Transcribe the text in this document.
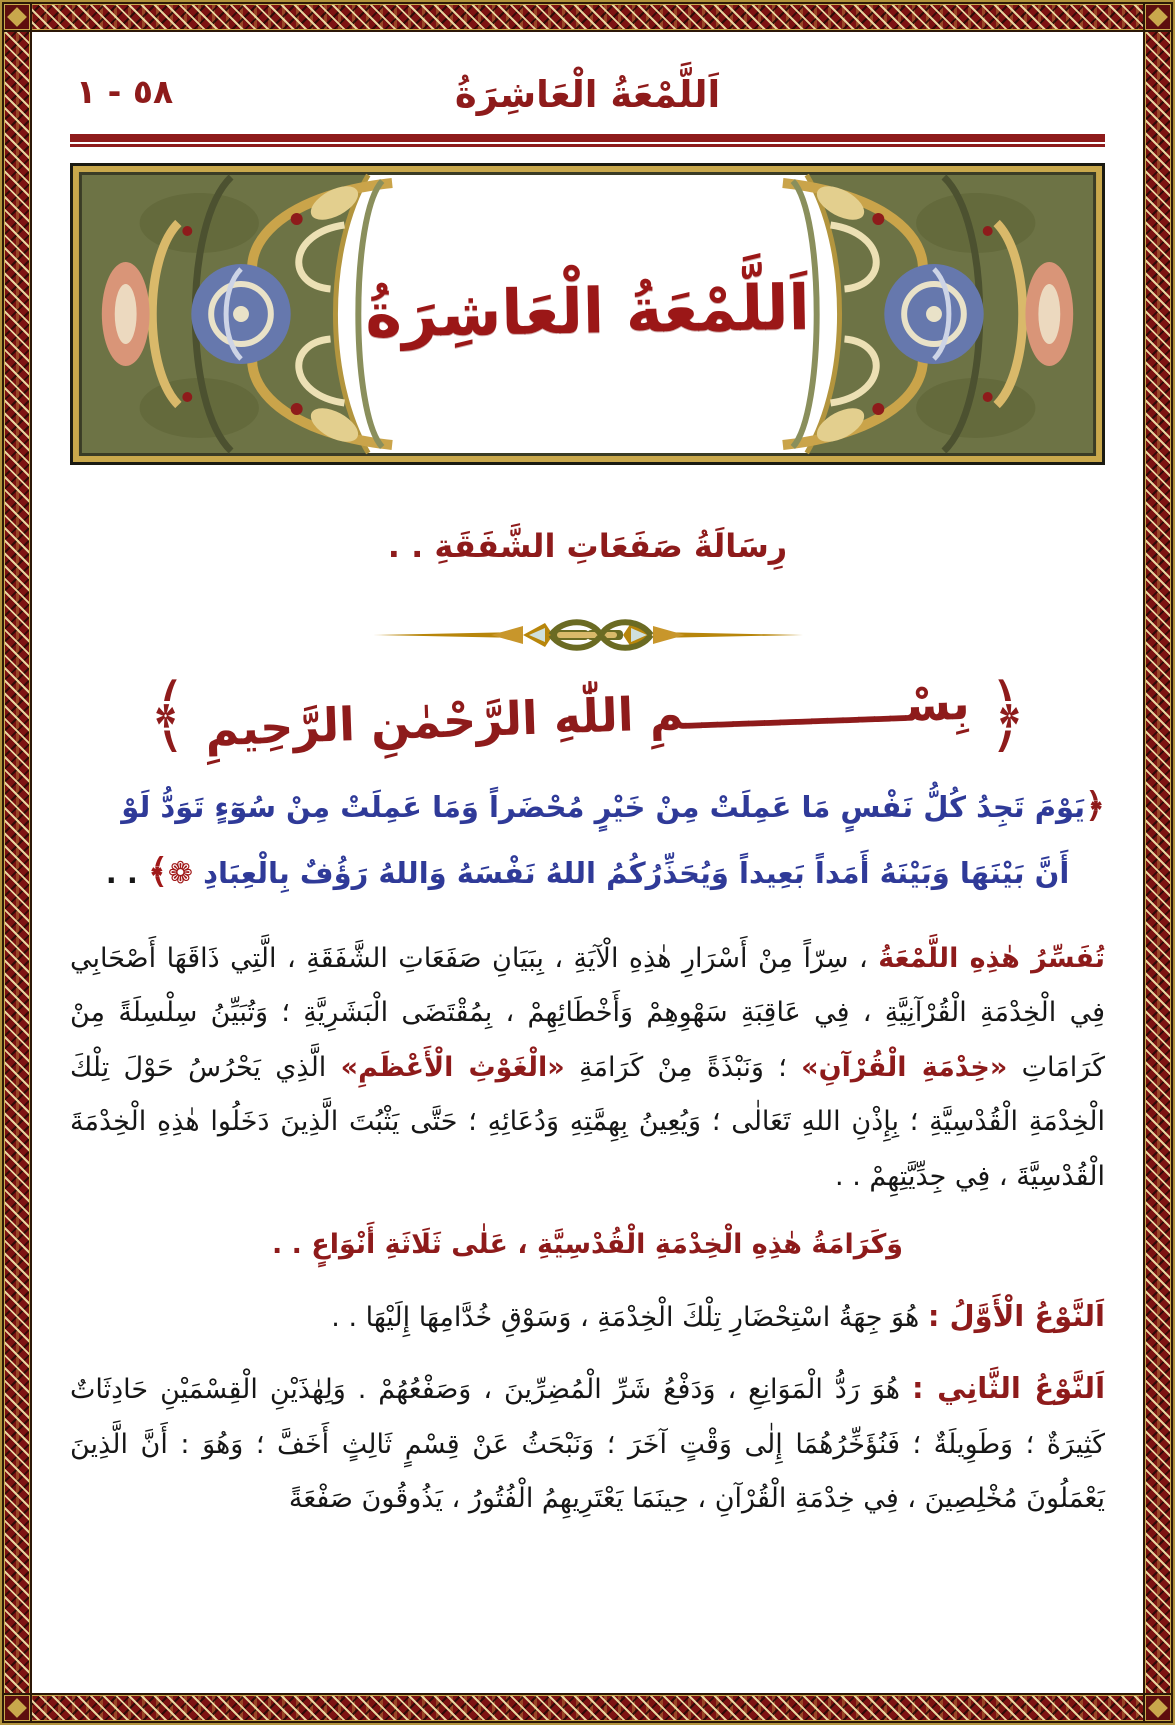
اَللَّمْعَةُ الْعَاشِرَةُ
٥٨ - ١
اَللَّمْعَةُ الْعَاشِرَةُ
رِسَالَةُ صَفَعَاتِ الشَّفَقَةِ . .
﴿
بِسْــــــــــــــمِ اللّٰهِ الرَّحْمٰنِ الرَّحِيمِ
﴾
﴿يَوْمَ تَجِدُ كُلُّ نَفْسٍ مَا عَمِلَتْ مِنْ خَيْرٍ مُحْضَراً وَمَا عَمِلَتْ مِنْ سُوٓءٍ تَوَدُّ لَوْ
أَنَّ بَيْنَهَا وَبَيْنَهُ أَمَداً بَعِيداً وَيُحَذِّرُكُمُ اللهُ نَفْسَهُ وَاللهُ رَؤُفٌ بِالْعِبَادِ ❁﴾ . .

تُفَسِّرُ هٰذِهِ اللَّمْعَةُ ، سِرّاً مِنْ أَسْرَارِ هٰذِهِ الْآيَةِ ، بِبَيَانِ صَفَعَاتِ الشَّفَقَةِ ، الَّتِي ذَاقَهَا أَصْحَابِي فِي الْخِدْمَةِ الْقُرْآنِيَّةِ ، فِي عَاقِبَةِ سَهْوِهِمْ وَأَخْطَائِهِمْ ، بِمُقْتَضَى الْبَشَرِيَّةِ ؛ وَتُبَيِّنُ سِلْسِلَةً مِنْ كَرَامَاتِ «خِدْمَةِ الْقُرْآنِ» ؛ وَنَبْذَةً مِنْ كَرَامَةِ «الْغَوْثِ الْأَعْظَمِ» الَّذِي يَحْرُسُ حَوْلَ تِلْكَ الْخِدْمَةِ الْقُدْسِيَّةِ ؛ بِإِذْنِ اللهِ تَعَالٰى ؛ وَيُعِينُ بِهِمَّتِهِ وَدُعَائِهِ ؛ حَتَّى يَثْبُتَ الَّذِينَ دَخَلُوا هٰذِهِ الْخِدْمَةَ الْقُدْسِيَّةَ ، فِي جِدِّيَّتِهِمْ . .

وَكَرَامَةُ هٰذِهِ الْخِدْمَةِ الْقُدْسِيَّةِ ، عَلٰى ثَلَاثَةِ أَنْوَاعٍ . .

اَلنَّوْعُ الْأَوَّلُ : هُوَ جِهَةُ اسْتِحْضَارِ تِلْكَ الْخِدْمَةِ ، وَسَوْقِ خُدَّامِهَا إِلَيْهَا . .

اَلنَّوْعُ الثَّانِي : هُوَ رَدُّ الْمَوَانِعِ ، وَدَفْعُ شَرِّ الْمُضِرِّينَ ، وَصَفْعُهُمْ . وَلِهٰذَيْنِ الْقِسْمَيْنِ حَادِثَاتٌ كَثِيرَةٌ ؛ وَطَوِيلَةٌ ؛ فَنُؤَخِّرُهُمَا إِلٰى وَقْتٍ آخَرَ ؛ وَنَبْحَثُ عَنْ قِسْمٍ ثَالِثٍ أَخَفَّ ؛ وَهُوَ : أَنَّ الَّذِينَ يَعْمَلُونَ مُخْلِصِينَ ، فِي خِدْمَةِ الْقُرْآنِ ، حِينَمَا يَعْتَرِيهِمُ الْفُتُورُ ، يَذُوقُونَ صَفْعَةً
